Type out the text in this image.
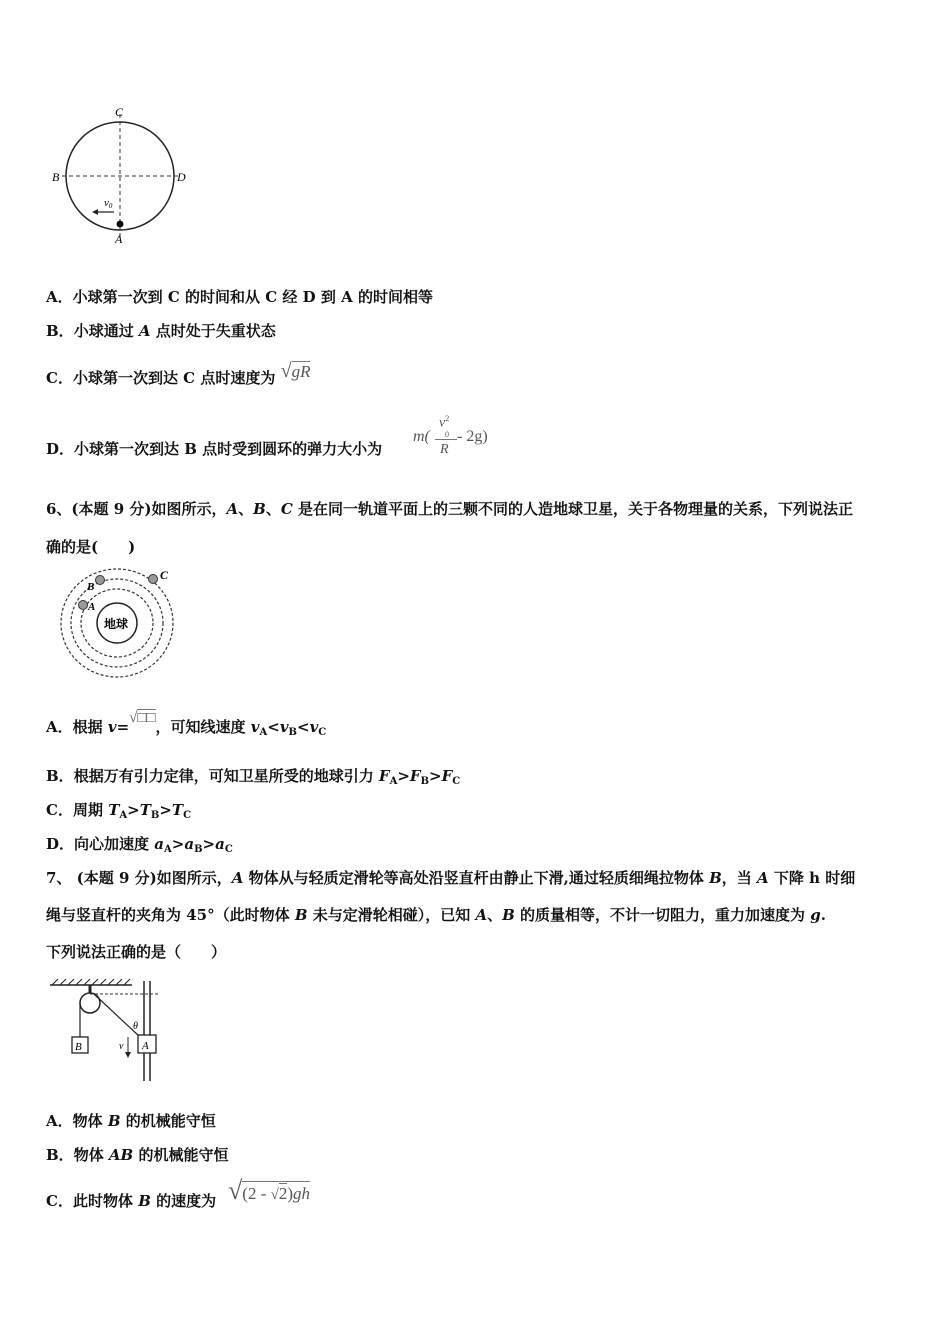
C
B	D
A
v0
A．小球第一次到 C 的时间和从 C 经 D 到 A 的时间相等
B．小球通过 A 点时处于失重状态
C．小球第一次到达 C 点时速度为 √gR
D．小球第一次到达 B 点时受到圆环的弹力大小为
m(
$v^2$
0
R
- 2g)
6、(本题 9 分)如图所示，A、B、C 是在同一轨道平面上的三颗不同的人造地球卫星，关于各物理量的关系，下列说法正
确的是(　　)
地球
A
B
C
A．根据 v=√□□，可知线速度 $v_A<v_B<v_C$
B．根据万有引力定律，可知卫星所受的地球引力 $F_A>F_B>F_C$
C．周期 $T_A>T_B>T_C$
D．向心加速度 $a_A>a_B>a_C$
7、 (本题 9 分)如图所示，A 物体从与轻质定滑轮等高处沿竖直杆由静止下滑,通过轻质细绳拉物体 B，当 A 下降 h 时细
绳与竖直杆的夹角为 45°（此时物体 B 未与定滑轮相碰），已知 A、B 的质量相等，不计一切阻力，重力加速度为 g.
下列说法正确的是（　　）
B	A
θ
v
A．物体 B 的机械能守恒
B．物体 AB 的机械能守恒
C．此时物体 B 的速度为 √(2 - √2)gh
